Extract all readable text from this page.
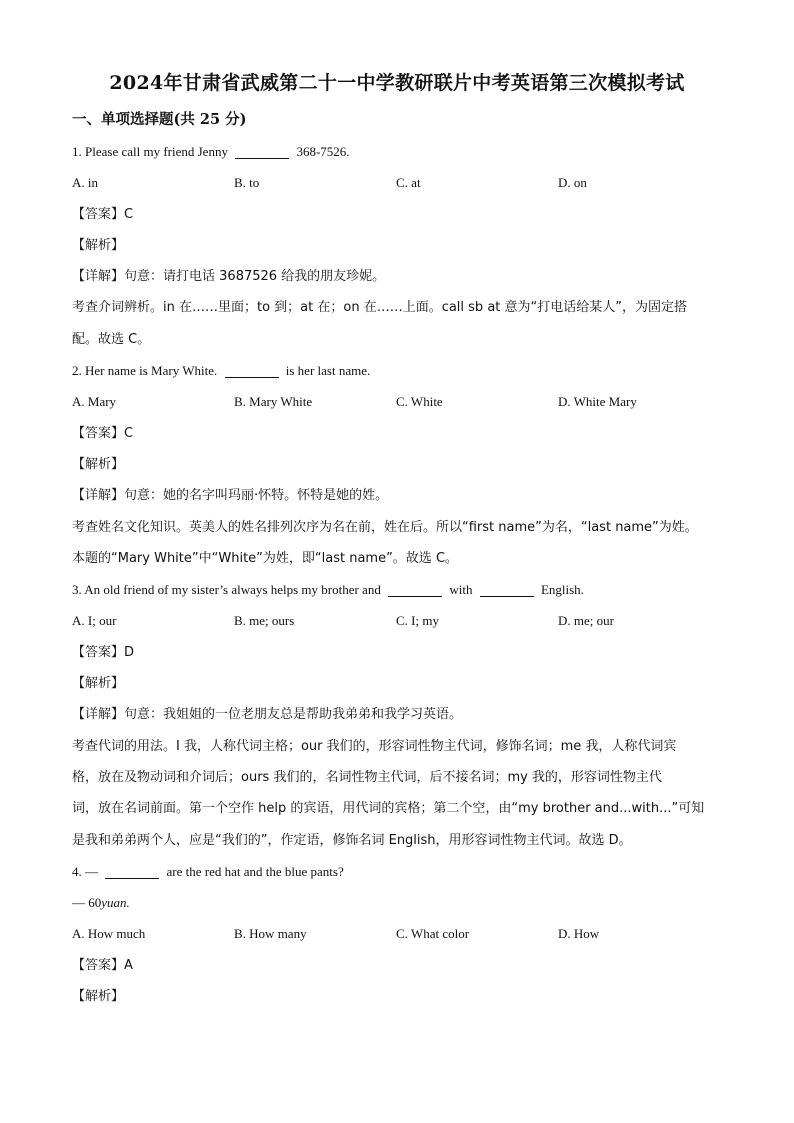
2024年甘肃省武威第二十一中学教研联片中考英语第三次模拟考试
一、单项选择题(共 25 分)
1. Please call my friend Jenny	368-7526.
A. in	B. to	C. at	D. on
【答案】C
【解析】
【详解】句意：请打电话 3687526 给我的朋友珍妮。
考查介词辨析。in 在……里面；to 到；at 在；on 在……上面。call sb at 意为“打电话给某人”，为固定搭
配。故选 C。
2. Her name is Mary White.	is her last name.
A. Mary	B. Mary White	C. White	D. White Mary
【答案】C
【解析】
【详解】句意：她的名字叫玛丽·怀特。怀特是她的姓。
考查姓名文化知识。英美人的姓名排列次序为名在前，姓在后。所以“first name”为名，“last name”为姓。
本题的“Mary White”中“White”为姓，即“last name”。故选 C。
3. An old friend of my sister’s always helps my brother and	with	English.
A. I; our	B. me; ours	C. I; my	D. me; our
【答案】D
【解析】
【详解】句意：我姐姐的一位老朋友总是帮助我弟弟和我学习英语。
考查代词的用法。I 我，人称代词主格；our 我们的，形容词性物主代词，修饰名词；me 我，人称代词宾
格，放在及物动词和介词后；ours 我们的，名词性物主代词，后不接名词；my 我的，形容词性物主代
词，放在名词前面。第一个空作 help 的宾语，用代词的宾格；第二个空，由“my brother and...with...”可知
是我和弟弟两个人，应是“我们的”，作定语，修饰名词 English，用形容词性物主代词。故选 D。
4. —	are the red hat and the blue pants?
— 60yuan.
A. How much	B. How many	C. What color	D. How
【答案】A
【解析】
